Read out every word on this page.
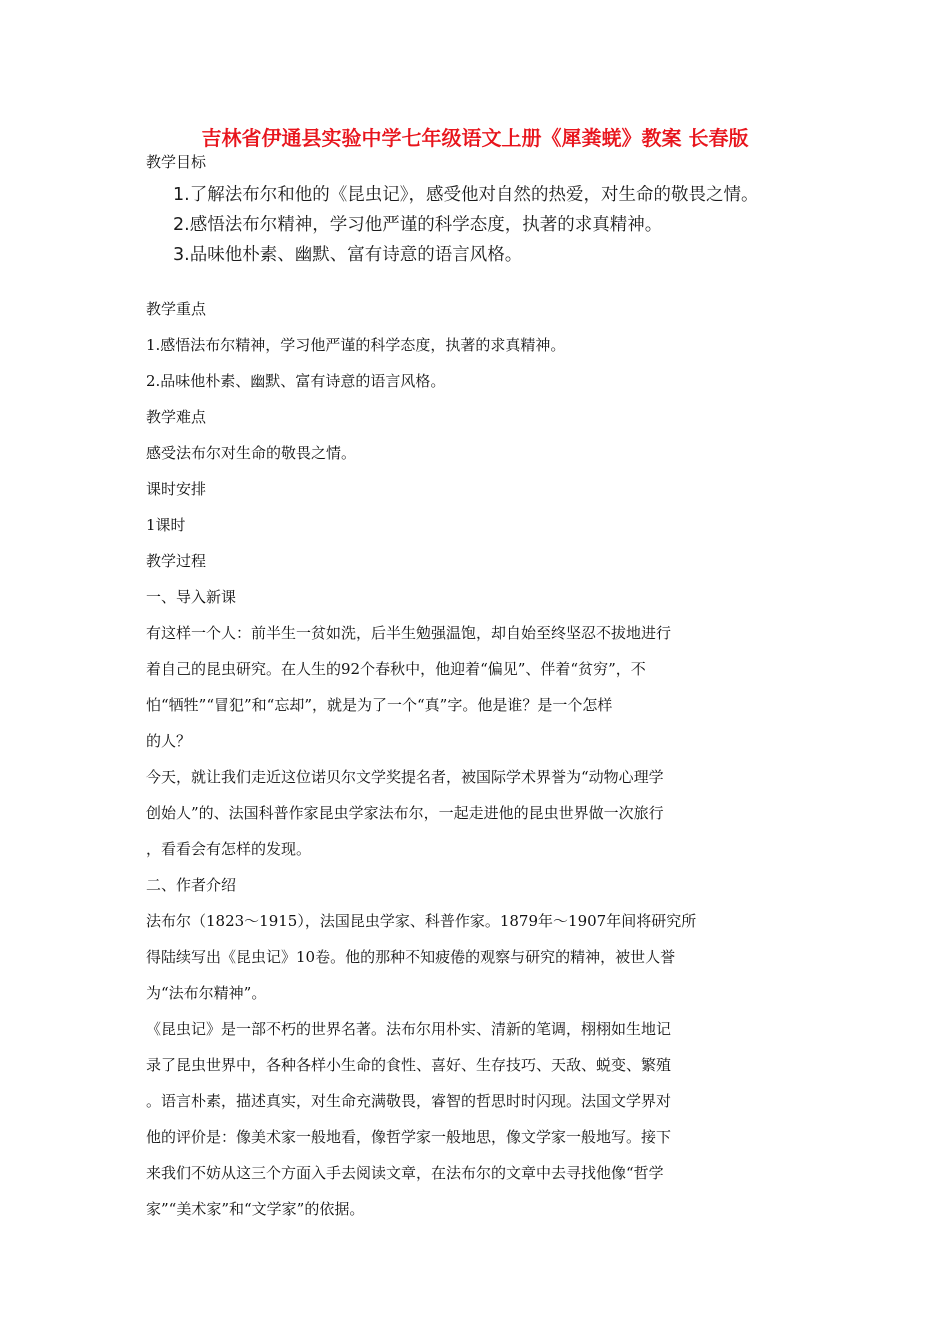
吉林省伊通县实验中学七年级语文上册《犀粪蜣》教案 长春版
教学目标
1.了解法布尔和他的《昆虫记》，感受他对自然的热爱，对生命的敬畏之情。
2.感悟法布尔精神，学习他严谨的科学态度，执著的求真精神。
3.品味他朴素、幽默、富有诗意的语言风格。
教学重点
1.感悟法布尔精神，学习他严谨的科学态度，执著的求真精神。
2.品味他朴素、幽默、富有诗意的语言风格。
教学难点
感受法布尔对生命的敬畏之情。
课时安排
1课时
教学过程
一、导入新课
有这样一个人：前半生一贫如洗，后半生勉强温饱，却自始至终坚忍不拔地进行
着自己的昆虫研究。在人生的92个春秋中，他迎着“偏见”、伴着“贫穷”，不
怕“牺牲”“冒犯”和“忘却”，就是为了一个“真”字。他是谁？是一个怎样
的人？
今天，就让我们走近这位诺贝尔文学奖提名者，被国际学术界誉为“动物心理学
创始人”的、法国科普作家昆虫学家法布尔，一起走进他的昆虫世界做一次旅行
，看看会有怎样的发现。
二、作者介绍
法布尔（1823～1915），法国昆虫学家、科普作家。1879年～1907年间将研究所
得陆续写出《昆虫记》10卷。他的那种不知疲倦的观察与研究的精神，被世人誉
为“法布尔精神”。
《昆虫记》是一部不朽的世界名著。法布尔用朴实、清新的笔调，栩栩如生地记
录了昆虫世界中，各种各样小生命的食性、喜好、生存技巧、天敌、蜕变、繁殖
。语言朴素，描述真实，对生命充满敬畏，睿智的哲思时时闪现。法国文学界对
他的评价是：像美术家一般地看，像哲学家一般地思，像文学家一般地写。接下
来我们不妨从这三个方面入手去阅读文章，在法布尔的文章中去寻找他像“哲学
家”“美术家”和“文学家”的依据。
